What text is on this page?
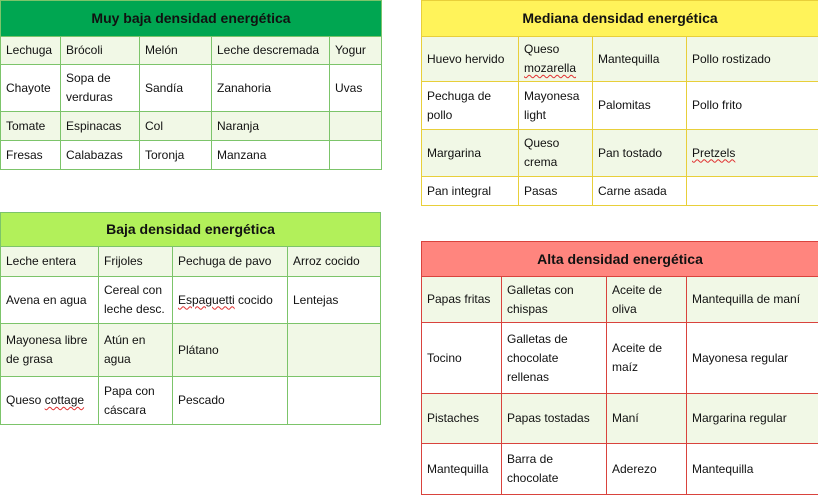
Muy baja densidad energética
Lechuga	Brócoli	Melón	Leche descremada	Yogur
Chayote	Sopa de verduras	Sandía	Zanahoria	Uvas
Tomate	Espinacas	Col	Naranja	
Fresas	Calabazas	Toronja	Manzana	
Mediana densidad energética
Huevo hervido	Queso mozarella	Mantequilla	Pollo rostizado
Pechuga de pollo	Mayonesa light	Palomitas	Pollo frito
Margarina	Queso crema	Pan tostado	Pretzels
Pan integral	Pasas	Carne asada	
Baja densidad energética
Leche entera	Frijoles	Pechuga de pavo	Arroz cocido
Avena en agua	Cereal con leche desc.	Espaguetti cocido	Lentejas
Mayonesa libre de grasa	Atún en agua	Plátano	
Queso cottage	Papa con cáscara	Pescado	
Alta densidad energética
Papas fritas	Galletas con chispas	Aceite de oliva	Mantequilla de maní
Tocino	Galletas de chocolate rellenas	Aceite de maíz	Mayonesa regular
Pistaches	Papas tostadas	Maní	Margarina regular
Mantequilla	Barra de chocolate	Aderezo	Mantequilla
